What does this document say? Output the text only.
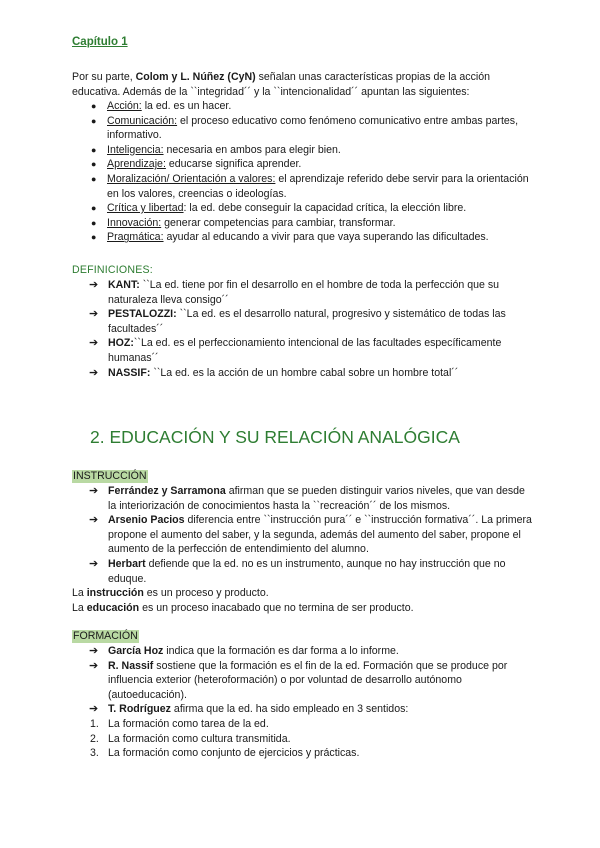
Capítulo 1
Por su parte, Colom y L. Núñez (CyN) señalan unas características propias de la acción educativa. Además de la ``integridad´´ y la ``intencionalidad´´ apuntan las siguientes:
● Acción: la ed. es un hacer.
● Comunicación: el proceso educativo como fenómeno comunicativo entre ambas partes, informativo.
● Inteligencia: necesaria en ambos para elegir bien.
● Aprendizaje: educarse significa aprender.
● Moralización/ Orientación a valores: el aprendizaje referido debe servir para la orientación en los valores, creencias o ideologías.
● Crítica y libertad: la ed. debe conseguir la capacidad crítica, la elección libre.
● Innovación: generar competencias para cambiar, transformar.
● Pragmática: ayudar al educando a vivir para que vaya superando las dificultades.
DEFINICIONES:
➔ KANT: ``La ed. tiene por fin el desarrollo en el hombre de toda la perfección que su naturaleza lleva consigo´´
➔ PESTALOZZI: ``La ed. es el desarrollo natural, progresivo y sistemático de todas las facultades´´
➔ HOZ:``La ed. es el perfeccionamiento intencional de las facultades específicamente humanas´´
➔ NASSIF: ``La ed. es la acción de un hombre cabal sobre un hombre total´´
2. EDUCACIÓN Y SU RELACIÓN ANALÓGICA
INSTRUCCIÓN
➔ Ferrández y Sarramona afirman que se pueden distinguir varios niveles, que van desde la interiorización de conocimientos hasta la ``recreación´´ de los mismos.
➔ Arsenio Pacios diferencia entre ``instrucción pura´´ e ``instrucción formativa´´. La primera propone el aumento del saber, y la segunda, además del aumento del saber, propone el aumento de la perfección de entendimiento del alumno.
➔ Herbart defiende que la ed. no es un instrumento, aunque no hay instrucción que no eduque.
La instrucción es un proceso y producto.
La educación es un proceso inacabado que no termina de ser producto.
FORMACIÓN
➔ García Hoz indica que la formación es dar forma a lo informe.
➔ R. Nassif sostiene que la formación es el fin de la ed. Formación que se produce por influencia exterior (heteroformación) o por voluntad de desarrollo autónomo (autoeducación).
➔ T. Rodríguez afirma que la ed. ha sido empleado en 3 sentidos:
1. La formación como tarea de la ed.
2. La formación como cultura transmitida.
3. La formación como conjunto de ejercicios y prácticas.
